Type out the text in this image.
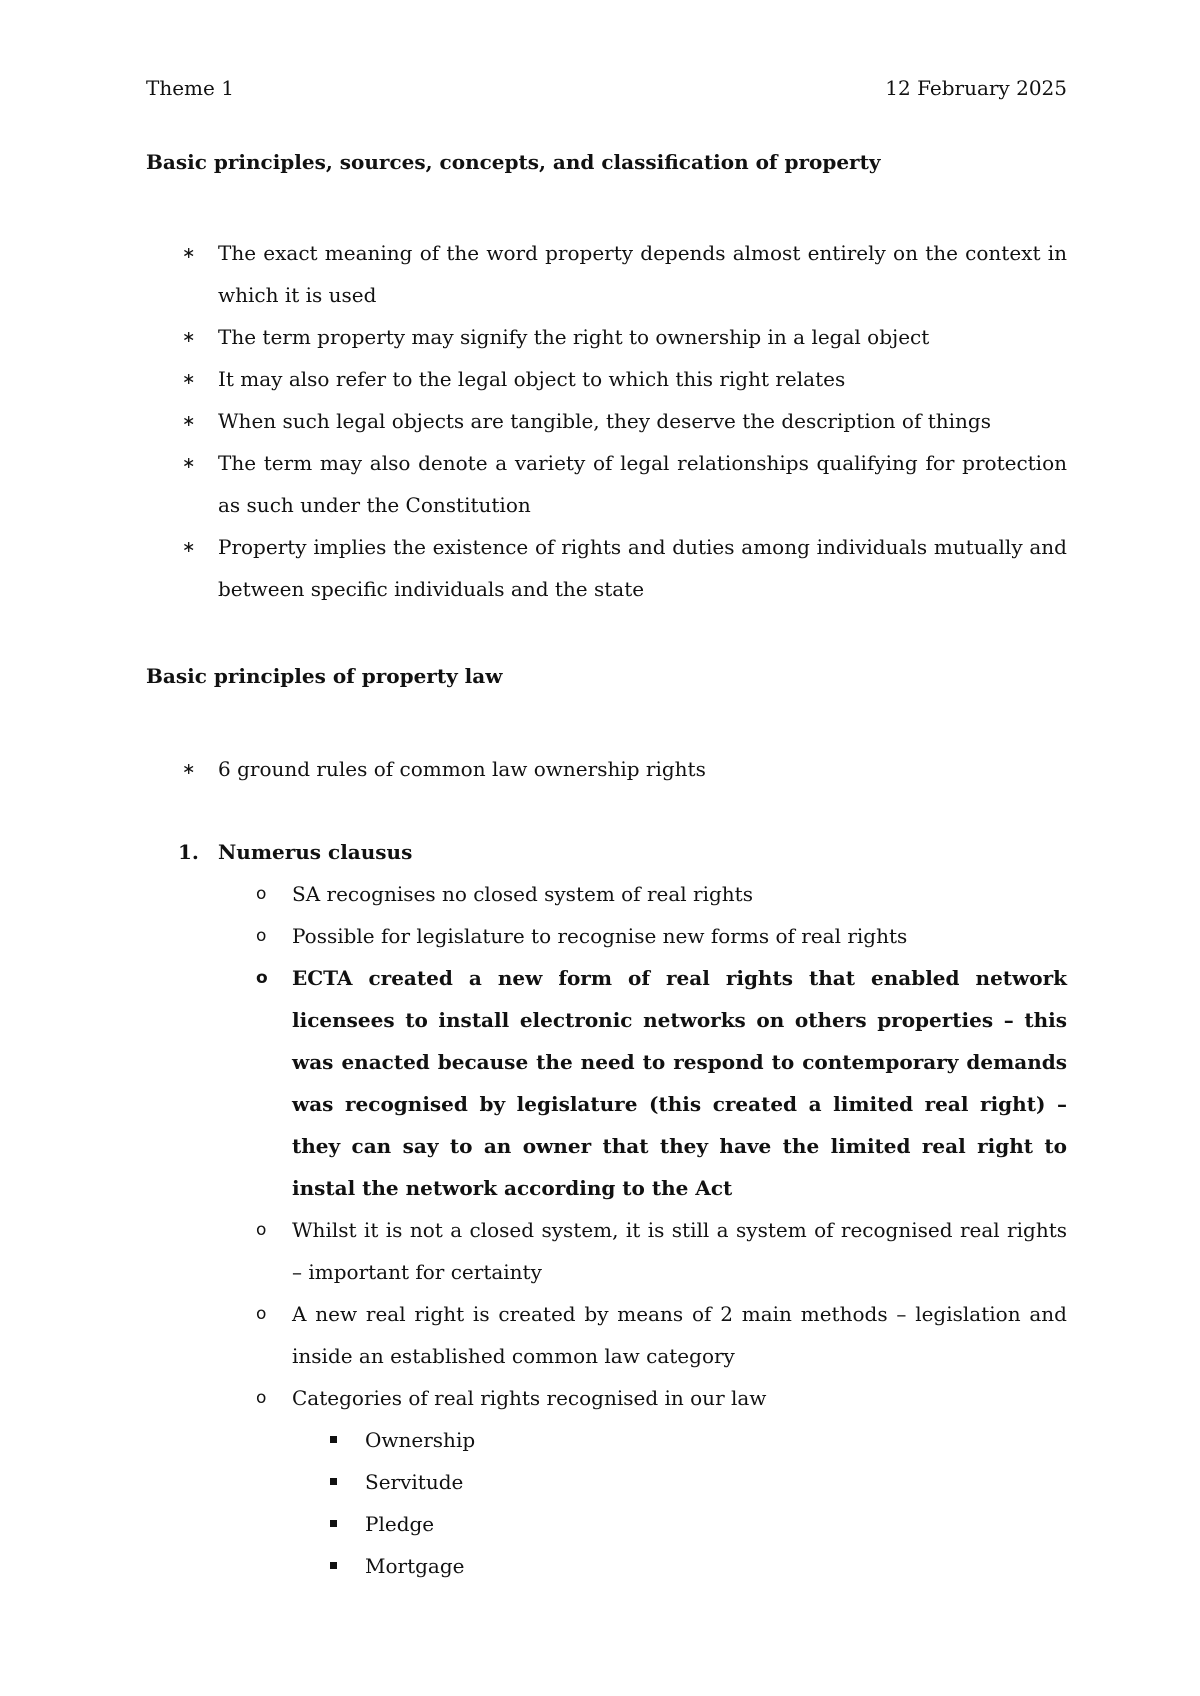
Theme 1	12 February 2025
Basic principles, sources, concepts, and classification of property
∗	The exact meaning of the word property depends almost entirely on the context in which it is used
∗	The term property may signify the right to ownership in a legal object
∗	It may also refer to the legal object to which this right relates
∗	When such legal objects are tangible, they deserve the description of things
∗	The term may also denote a variety of legal relationships qualifying for protection as such under the Constitution
∗	Property implies the existence of rights and duties among individuals mutually and between specific individuals and the state
Basic principles of property law
∗	6 ground rules of common law ownership rights
1. Numerus clausus
o SA recognises no closed system of real rights
o Possible for legislature to recognise new forms of real rights
o ECTA created a new form of real rights that enabled network licensees to install electronic networks on others properties – this was enacted because the need to respond to contemporary demands was recognised by legislature (this created a limited real right) – they can say to an owner that they have the limited real right to instal the network according to the Act
o Whilst it is not a closed system, it is still a system of recognised real rights – important for certainty
o A new real right is created by means of 2 main methods – legislation and inside an established common law category
o Categories of real rights recognised in our law
Ownership
Servitude
Pledge
Mortgage
